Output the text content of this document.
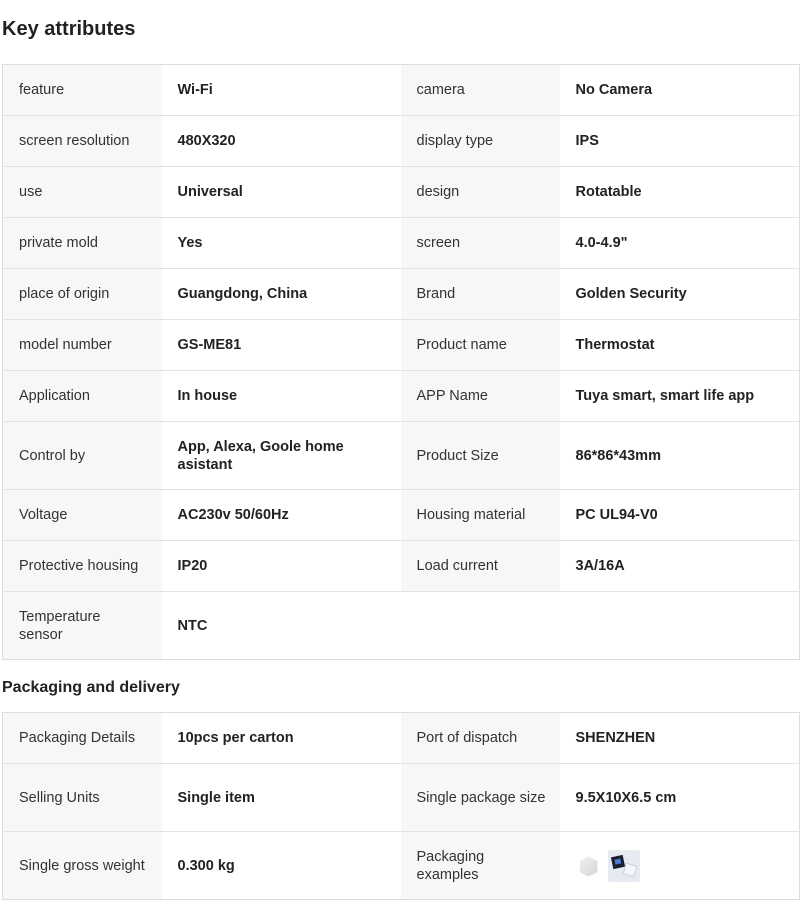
Key attributes
feature	Wi-Fi	camera	No Camera
screen resolution	480X320	display type	IPS
use	Universal	design	Rotatable
private mold	Yes	screen	4.0-4.9"
place of origin	Guangdong, China	Brand	Golden Security
model number	GS-ME81	Product name	Thermostat
Application	In house	APP Name	Tuya smart, smart life app
Control by	App, Alexa, Goole home asistant	Product Size	86*86*43mm
Voltage	AC230v 50/60Hz	Housing material	PC UL94-V0
Protective housing	IP20	Load current	3A/16A
Temperature sensor	NTC		
Packaging and delivery
Packaging Details	10pcs per carton	Port of dispatch	SHENZHEN
Selling Units	Single item	Single package size	9.5X10X6.5 cm
Single gross weight	0.300 kg	Packaging examples	
